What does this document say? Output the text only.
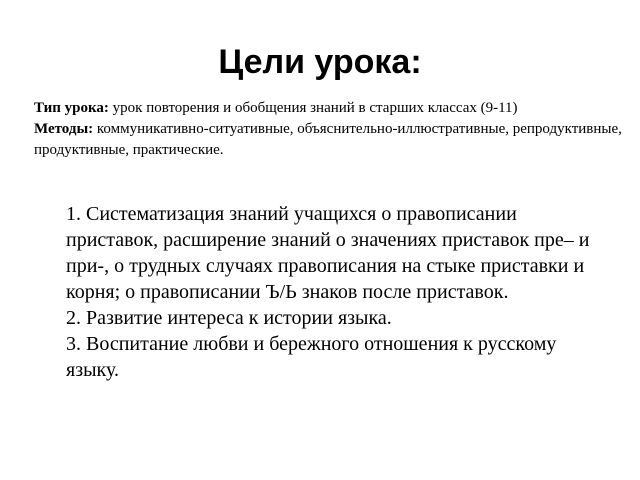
Цели урока:
Тип урока: урок повторения и обобщения знаний в старших классах (9-11)
Методы: коммуникативно-ситуативные, объяснительно-иллюстративные, репродуктивные, продуктивные, практические.

1. Систематизация знаний учащихся о правописании приставок, расширение знаний о значениях приставок пре– и при-, о трудных случаях правописания на стыке приставки и корня; о правописании Ъ/Ь знаков после приставок.

2. Развитие интереса к истории языка.

3. Воспитание любви и бережного отношения к русскому языку.
